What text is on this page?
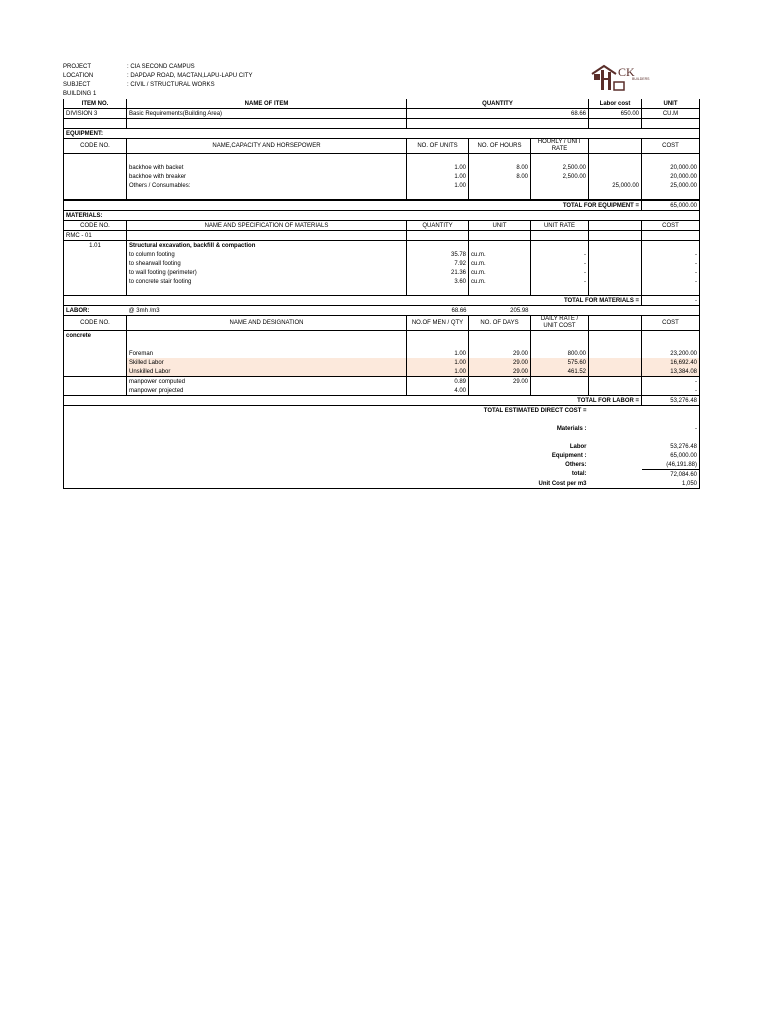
PROJECT	: CIA SECOND CAMPUS
LOCATION	: DAPDAP ROAD, MACTAN,LAPU-LAPU CITY
SUBJECT	: CIVIL / STRUCTURAL WORKS
BUILDING 1
CK
BUILDERS
ITEM NO.	NAME OF ITEM	QUANTITY			Labor cost	UNIT
DIVISION 3	Basic Requirements(Building Area)	68.66			650.00	CU.M

EQUIPMENT:						
CODE NO.	NAME,CAPACITY AND HORSEPOWER	NO. OF UNITS	NO. OF HOURS	HOURLY / UNIT RATE		COST

	backhoe with backet	1.00	8.00	2,500.00		20,000.00
	backhoe with breaker	1.00	8.00	2,500.00		20,000.00
	Others / Consumables:	1.00			25,000.00	25,000.00

TOTAL FOR EQUIPMENT =						65,000.00
MATERIALS:						
CODE NO.	NAME AND SPECIFICATION OF MATERIALS	QUANTITY	UNIT	UNIT RATE		COST
RMC - 01						
1.01	Structural excavation, backfill & compaction					
	to column footing	35.78	cu.m.	-		-
	to shearwall footing	7.92	cu.m.	-		-
	to wall footing (perimeter)	21.36	cu.m.	-		-
	to concrete stair footing	3.60	cu.m.	-		-

TOTAL FOR MATERIALS =						-
LABOR:	@ 3mh /m3	68.66	205.98			
CODE NO.	NAME AND DESIGNATION	NO.OF MEN / QTY	NO. OF DAYS	DAILY RATE / UNIT COST		COST
concrete						

	Foreman	1.00	29.00	800.00		23,200.00
	Skilled Labor	1.00	29.00	575.60		16,692.40
	Unskilled Labor	1.00	29.00	461.52		13,384.08
	manpower computed	0.89	29.00			-
	manpower projected	4.00				-
TOTAL FOR LABOR =						53,276.48
TOTAL ESTIMATED DIRECT COST =						

Materials :						-

Labor						53,276.48
Equipment :						65,000.00
Others:						(46,191.88)
total:						72,084.60
Unit Cost per m3						1,050
